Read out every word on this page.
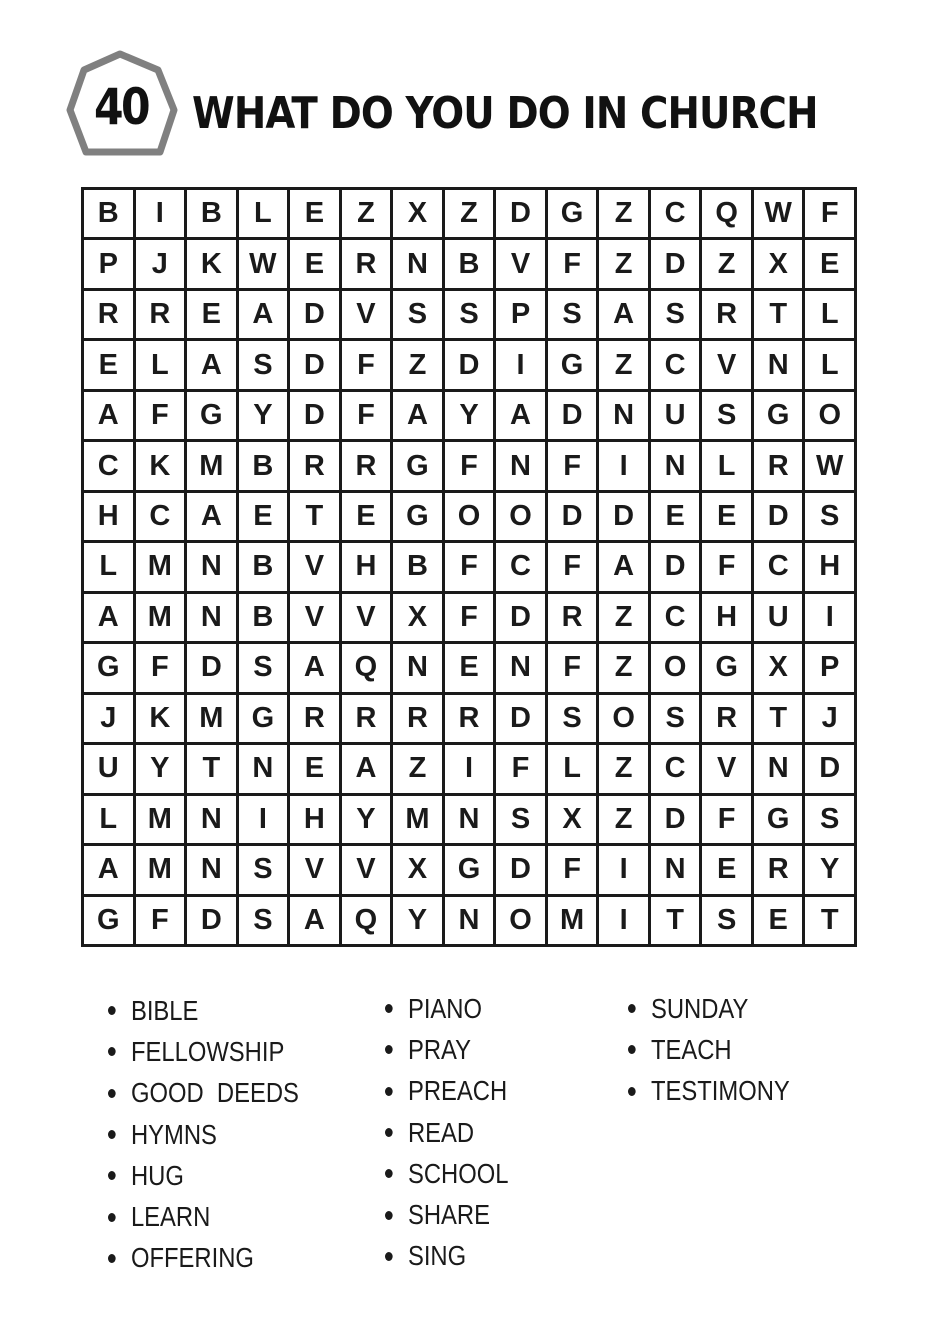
40 WHAT DO YOU DO IN CHURCH
B	I	B	L	E	Z	X	Z	D	G	Z	C	Q W F
P	J	K W E	R	N	B	V	F	Z	D	Z	X	E
R	R	E	A	D	V	S	S	P	S	A	S	R	T	L
E	L	A	S	D	F	Z	D	I	G	Z	C	V	N	L
A	F	G	Y	D	F	A	Y	A	D	N	U	S	G O
C	K M B	R	R	G	F	N	F	I	N	L	R W
H	C	A	E	T	E	G O O	D	D	E	E	D	S
L	M N	B	V	H	B	F	C	F	A	D	F	C	H
A M N	B	V	V	X	F	D	R	Z	C	H	U	I
G	F	D	S	A	Q	N	E	N	F	Z	O G	X	P
J	K M G	R	R	R	R	D	S	O	S	R	T	J
U	Y	T	N	E	A	Z	I	F	L	Z	C	V	N	D
L	M N	I	H	Y	M N	S	X	Z	D	F	G	S
A M N	S	V	V	X	G	D	F	I	N	E	R	Y
G	F	D	S	A	Q	Y	N	O M	I	T	S	E	T
BIBLE
FELLOWSHIP
GOOD  DEEDS
HYMNS
HUG
LEARN
OFFERING
PIANO
PRAY
PREACH
READ
SCHOOL
SHARE
SING
SUNDAY
TEACH
TESTIMONY
